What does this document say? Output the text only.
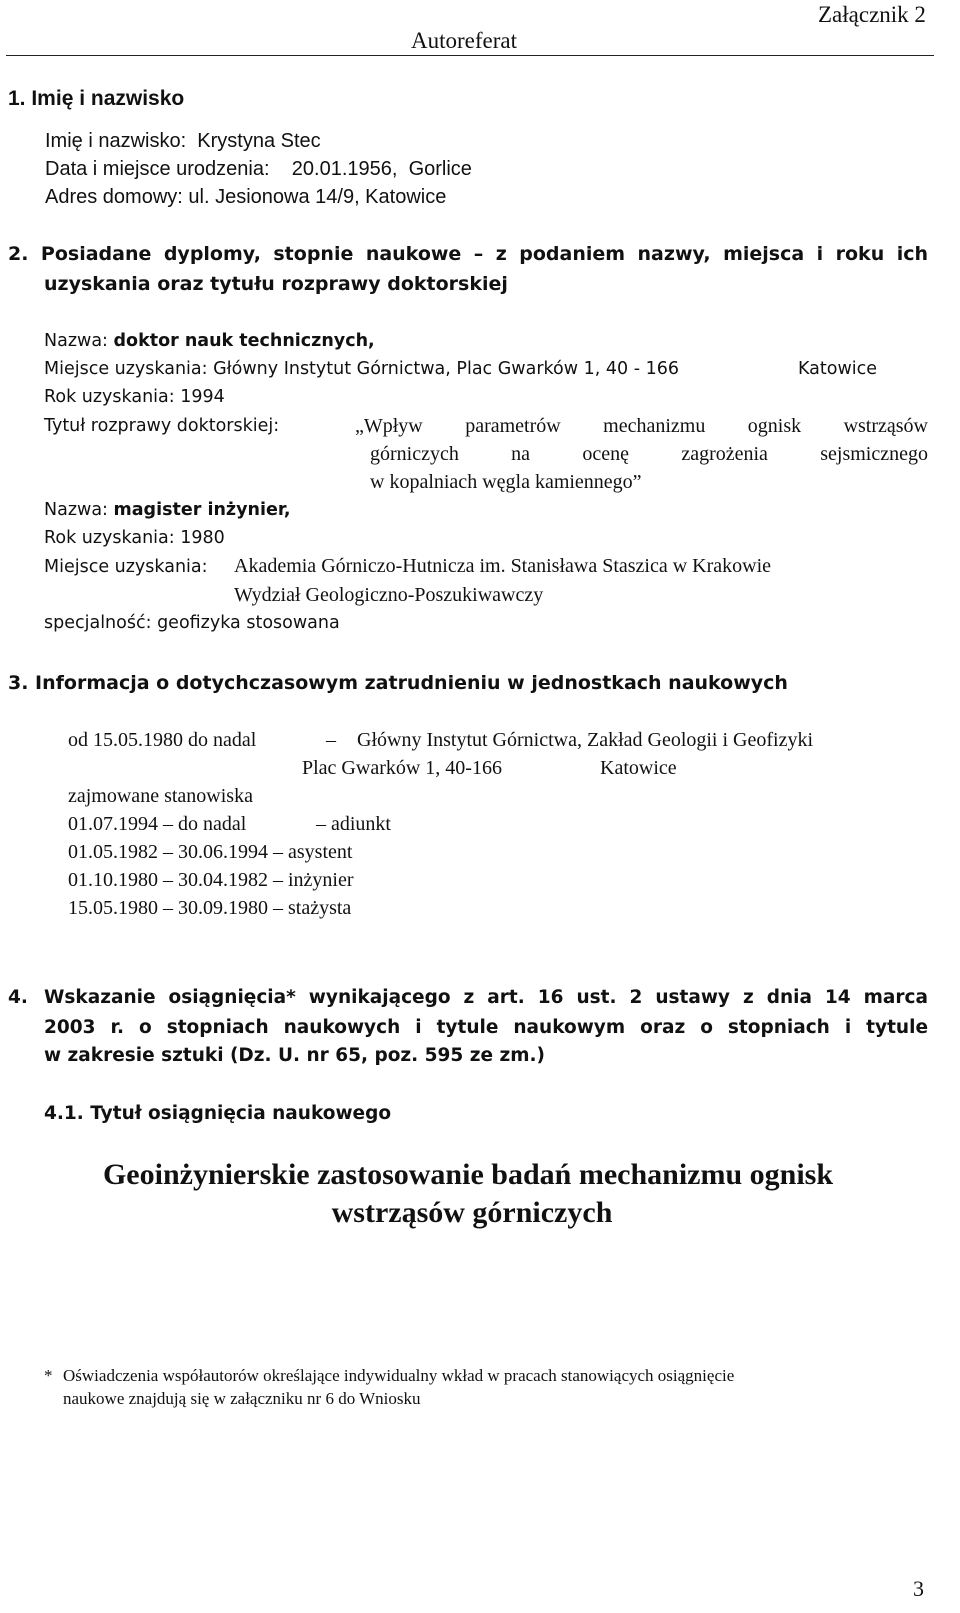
Autoreferat
Załącznik 2
1. Imię i nazwisko
Imię i nazwisko: Krystyna Stec
Data i miejsce urodzenia: 20.01.1956, Gorlice
Adres domowy: ul. Jesionowa 14/9, Katowice
2. Posiadane dyplomy, stopnie naukowe – z podaniem nazwy, miejsca i roku ich
uzyskania oraz tytułu rozprawy doktorskiej
Nazwa: doktor nauk technicznych,
Miejsce uzyskania: Główny Instytut Górnictwa, Plac Gwarków 1, 40 - 166	Katowice
Rok uzyskania: 1994
Tytuł rozprawy doktorskiej:	„Wpływ parametrów mechanizmu ognisk wstrząsów
górniczych na ocenę zagrożenia sejsmicznego
w kopalniach węgla kamiennego”
Nazwa: magister inżynier,
Rok uzyskania: 1980
Miejsce uzyskania: Akademia Górniczo-Hutnicza im. Stanisława Staszica w Krakowie
Wydział Geologiczno-Poszukiwawczy
specjalność: geofizyka stosowana
3. Informacja o dotychczasowym zatrudnieniu w jednostkach naukowych
od 15.05.1980 do nadal	– Główny Instytut Górnictwa, Zakład Geologii i Geofizyki
Plac Gwarków 1, 40-166	Katowice
zajmowane stanowiska
01.07.1994 – do nadal	– adiunkt
01.05.1982 – 30.06.1994 – asystent
01.10.1980 – 30.04.1982 – inżynier
15.05.1980 – 30.09.1980 – stażysta
4. Wskazanie osiągnięcia* wynikającego z art. 16 ust. 2 ustawy z dnia 14 marca
2003 r. o stopniach naukowych i tytule naukowym oraz o stopniach i tytule
w zakresie sztuki (Dz. U. nr 65, poz. 595 ze zm.)
4.1. Tytuł osiągnięcia naukowego
Geoinżynierskie zastosowanie badań mechanizmu ognisk
wstrząsów górniczych
* Oświadczenia współautorów określające indywidualny wkład w pracach stanowiących osiągnięcie
naukowe znajdują się w załączniku nr 6 do Wniosku
3
